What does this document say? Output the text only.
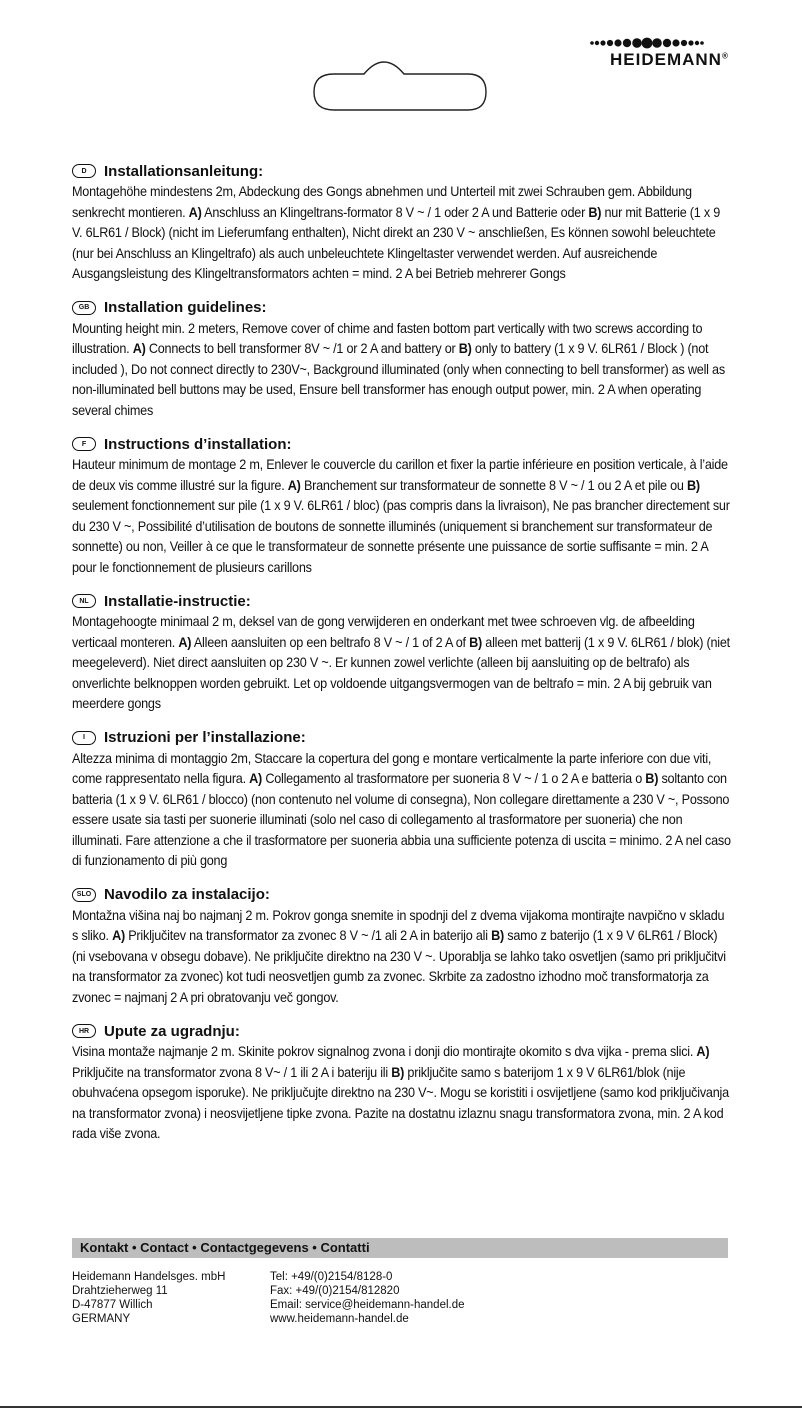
HEIDEMANN®
D	Installationsanleitung:
Montagehöhe mindestens 2m, Abdeckung des Gongs abnehmen und Unterteil mit zwei Schrauben gem. Abbildung senkrecht montieren. A) Anschluss an Klingeltrans-formator 8 V ~ / 1 oder 2 A und Batterie oder B) nur mit Batterie (1 x 9 V. 6LR61 / Block) (nicht im Lieferumfang enthalten), Nicht direkt an 230 V ~ anschließen, Es können sowohl beleuchtete (nur bei Anschluss an Klingeltrafo) als auch unbeleuchtete Klingeltaster verwendet werden. Auf ausreichende Ausgangsleistung des Klingeltransformators achten = mind. 2 A bei Betrieb mehrerer Gongs
GB Installation guidelines:
Mounting height min. 2 meters, Remove cover of chime and fasten bottom part vertically with two screws according to illustration. A) Connects to bell transformer 8V ~ /1 or 2 A and battery or B) only to battery (1 x 9 V. 6LR61 / Block ) (not included ), Do not connect directly to 230V~, Background illuminated (only when connecting to bell transformer) as well as non-illuminated bell buttons may be used, Ensure bell transformer has enough output power, min. 2 A when operating several chimes
F	Instructions d’installation:
Hauteur minimum de montage 2 m, Enlever le couvercle du carillon et fixer la partie inférieure en position verticale, à l’aide de deux vis comme illustré sur la figure. A) Branchement sur transformateur de sonnette 8 V ~ / 1 ou 2 A et pile ou B) seulement fonctionnement sur pile (1 x 9 V. 6LR61 / bloc) (pas compris dans la livraison), Ne pas brancher directement sur du 230 V ~, Possibilité d’utilisation de boutons de sonnette illuminés (uniquement si branchement sur transformateur de sonnette) ou non, Veiller à ce que le transformateur de sonnette présente une puissance de sortie suffisante = min. 2 A pour le fonctionnement de plusieurs carillons
NL	Installatie-instructie:
Montagehoogte minimaal 2 m, deksel van de gong verwijderen en onderkant met twee schroeven vlg. de afbeelding verticaal monteren. A) Alleen aansluiten op een beltrafo 8 V ~ / 1 of 2 A of B) alleen met batterij (1 x 9 V. 6LR61 / blok) (niet meegeleverd). Niet direct aansluiten op 230 V ~. Er kunnen zowel verlichte (alleen bij aansluiting op de beltrafo) als onverlichte belknoppen worden gebruikt. Let op voldoende uitgangsvermogen van de beltrafo = min. 2 A bij gebruik van meerdere gongs
I	Istruzioni per l’installazione:
Altezza minima di montaggio 2m, Staccare la copertura del gong e montare verticalmente la parte inferiore con due viti, come rappresentato nella figura. A) Collegamento al trasformatore per suoneria 8 V ~ / 1 o 2 A e batteria o B) soltanto con batteria (1 x 9 V. 6LR61 / blocco) (non contenuto nel volume di consegna), Non collegare direttamente a 230 V ~, Possono essere usate sia tasti per suonerie illuminati (solo nel caso di collegamento al trasformatore per suoneria) che non illuminati. Fare attenzione a che il trasformatore per suoneria abbia una sufficiente potenza di uscita = minimo. 2 A nel caso di funzionamento di più gong
SLO Navodilo za instalacijo:
Montažna višina naj bo najmanj 2 m. Pokrov gonga snemite in spodnji del z dvema vijakoma montirajte navpično v skladu s sliko. A) Priključitev na transformator za zvonec 8 V ~ /1 ali 2 A in baterijo ali B) samo z baterijo (1 x 9 V 6LR61 / Block) (ni vsebovana v obsegu dobave). Ne priključite direktno na 230 V ~. Uporablja se lahko tako osvetljen (samo pri priključitvi na transformator za zvonec) kot tudi neosvetljen gumb za zvonec. Skrbite za zadostno izhodno moč transformatorja za zvonec = najmanj 2 A pri obratovanju več gongov.
HR Upute za ugradnju:
Visina montaže najmanje 2 m. Skinite pokrov signalnog zvona i donji dio montirajte okomito s dva vijka - prema slici. A) Priključite na transformator zvona 8 V~ / 1 ili 2 A i bateriju ili B) priključite samo s baterijom 1 x 9 V 6LR61/blok (nije obuhvaćena opsegom isporuke). Ne priključujte direktno na 230 V~. Mogu se koristiti i osvijetljene (samo kod priključivanja na transformator zvona) i neosvijetljene tipke zvona. Pazite na dostatnu izlaznu snagu transformatora zvona, min. 2 A kod rada više zvona.
Kontakt • Contact • Contactgegevens • Contatti
Heidemann Handelsges. mbH
Drahtzieherweg 11
D-47877 Willich
GERMANY
Tel: +49/(0)2154/8128-0
Fax: +49/(0)2154/812820
Email: service@heidemann-handel.de
www.heidemann-handel.de
